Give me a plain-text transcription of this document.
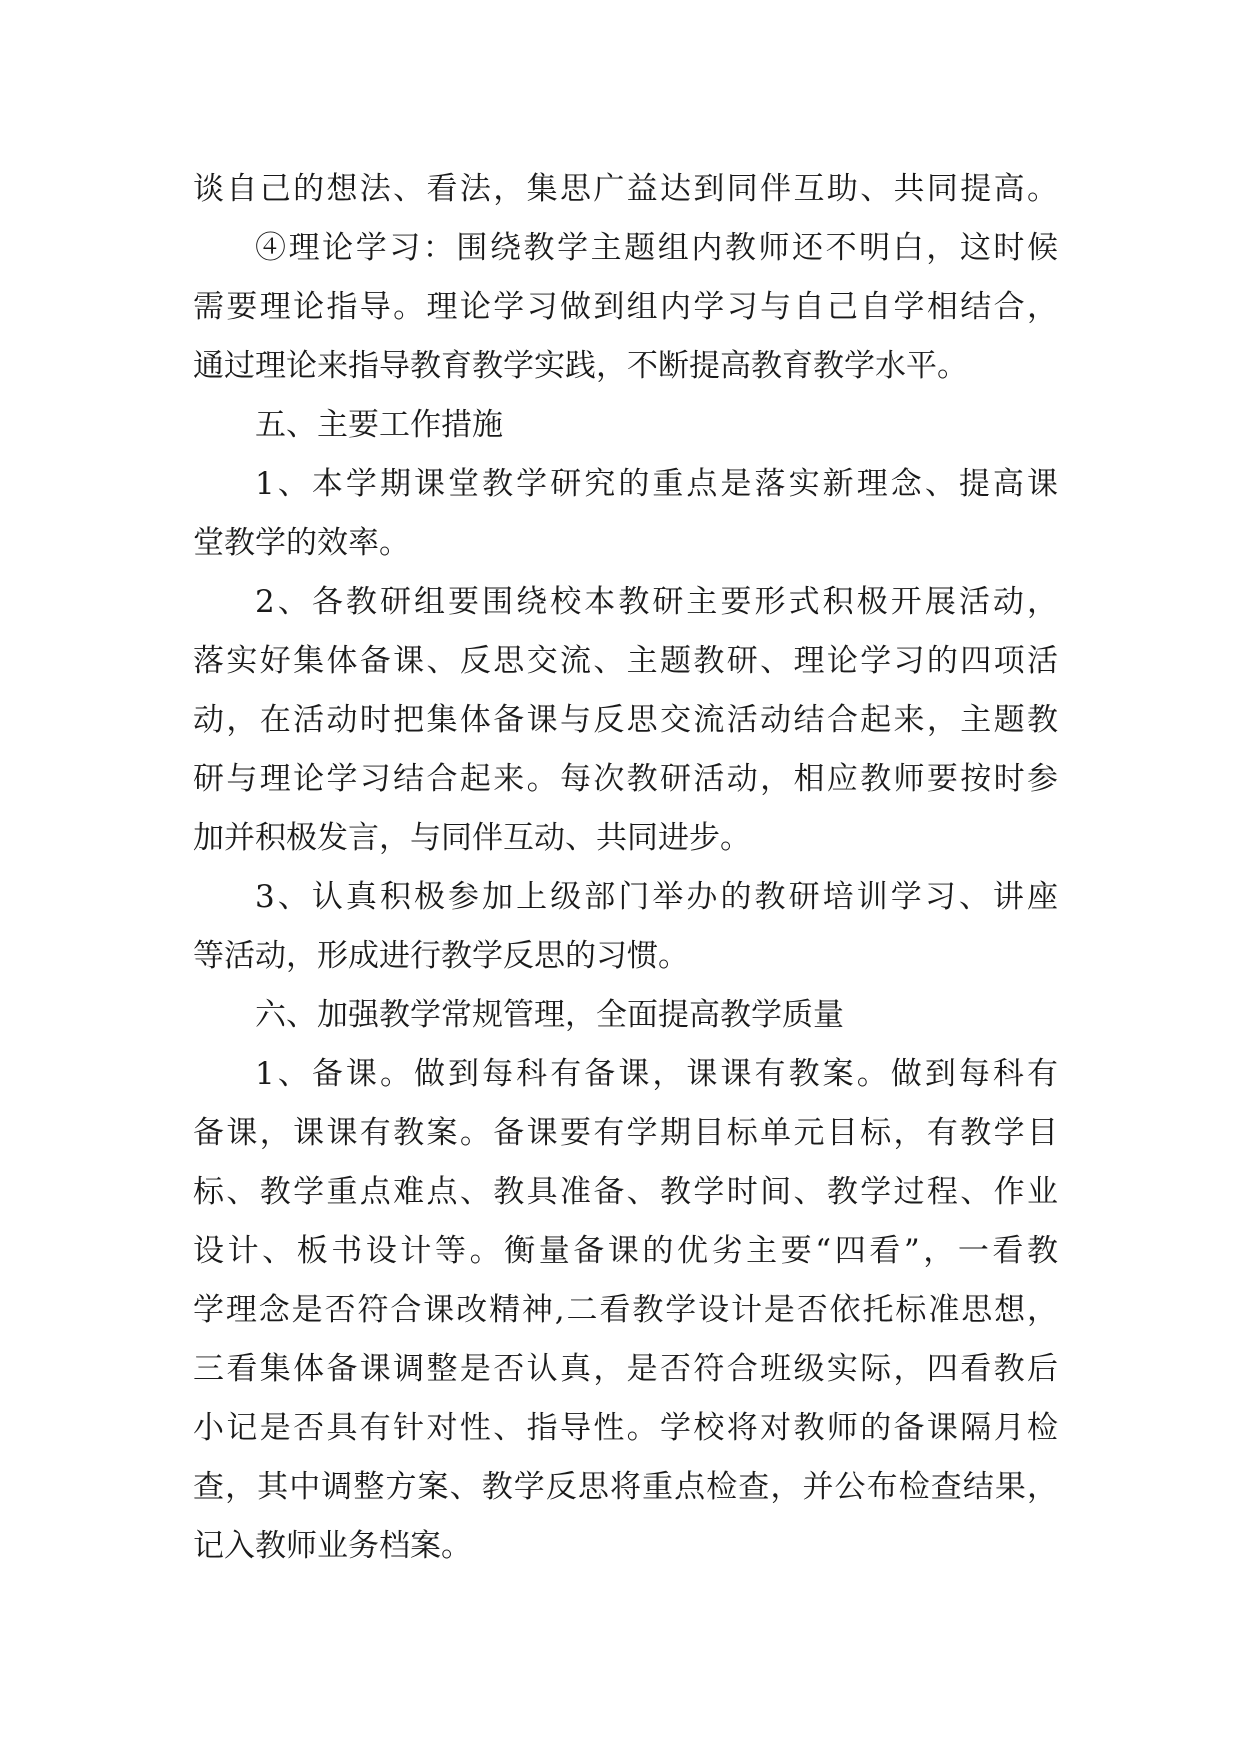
谈自己的想法、看法，集思广益达到同伴互助、共同提高。
④理论学习：围绕教学主题组内教师还不明白，这时候
需要理论指导。理论学习做到组内学习与自己自学相结合，
通过理论来指导教育教学实践，不断提高教育教学水平。
五、主要工作措施
1、本学期课堂教学研究的重点是落实新理念、提高课
堂教学的效率。
2、各教研组要围绕校本教研主要形式积极开展活动，
落实好集体备课、反思交流、主题教研、理论学习的四项活
动，在活动时把集体备课与反思交流活动结合起来，主题教
研与理论学习结合起来。每次教研活动，相应教师要按时参
加并积极发言，与同伴互动、共同进步。
3、认真积极参加上级部门举办的教研培训学习、讲座
等活动，形成进行教学反思的习惯。
六、加强教学常规管理，全面提高教学质量
1、备课。做到每科有备课，课课有教案。做到每科有
备课，课课有教案。备课要有学期目标单元目标，有教学目
标、教学重点难点、教具准备、教学时间、教学过程、作业
设计、板书设计等。衡量备课的优劣主要“四看”，一看教
学理念是否符合课改精神,二看教学设计是否依托标准思想，
三看集体备课调整是否认真，是否符合班级实际，四看教后
小记是否具有针对性、指导性。学校将对教师的备课隔月检
查，其中调整方案、教学反思将重点检查，并公布检查结果，
记入教师业务档案。
